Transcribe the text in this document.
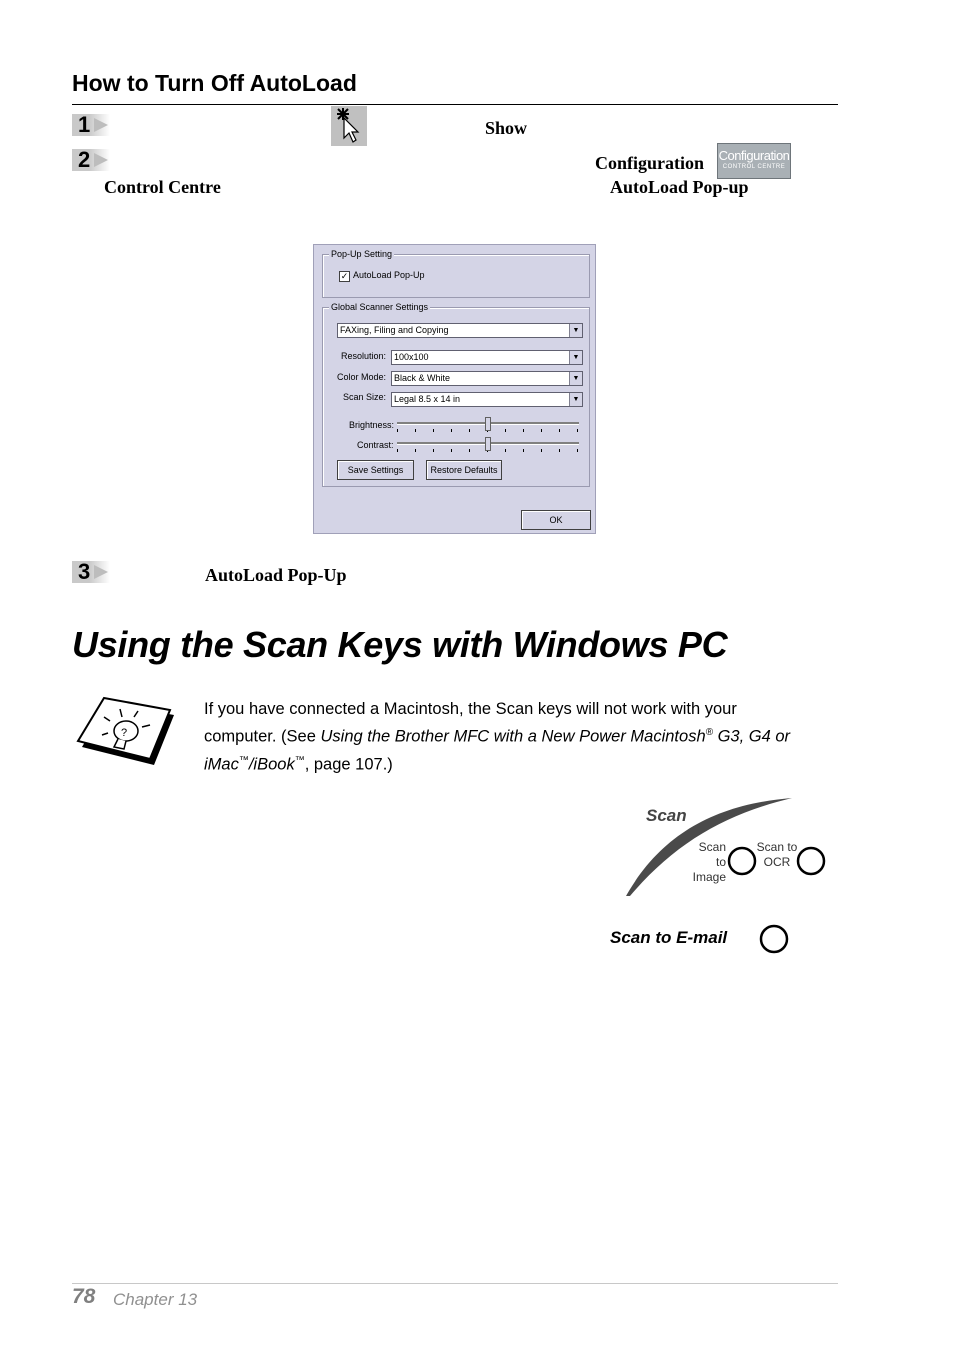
How to Turn Off AutoLoad
1	Show
2	Configuration Configuration
CONTROL CENTRE
Control Centre	AutoLoad Pop-up
Pop-Up Setting
✓ AutoLoad Pop-Up
Global Scanner Settings
FAXing, Filing and Copying	▼
Resolution: 100x100	▼
Color Mode: Black & White	▼
Scan Size: Legal 8.5 x 14 in	▼
Brightness:
Contrast:
Save Settings	Restore Defaults
OK
3	AutoLoad Pop-Up
Using the Scan Keys with Windows PC
?
If you have connected a Macintosh, the Scan keys will not work with your
computer. (See Using the Brother MFC with a New Power Macintosh® G3, G4 or
iMac™/iBook™, page 107.)
Scan
Scan to
Image
Scan to
OCR
Scan to E-mail
78 Chapter 13
